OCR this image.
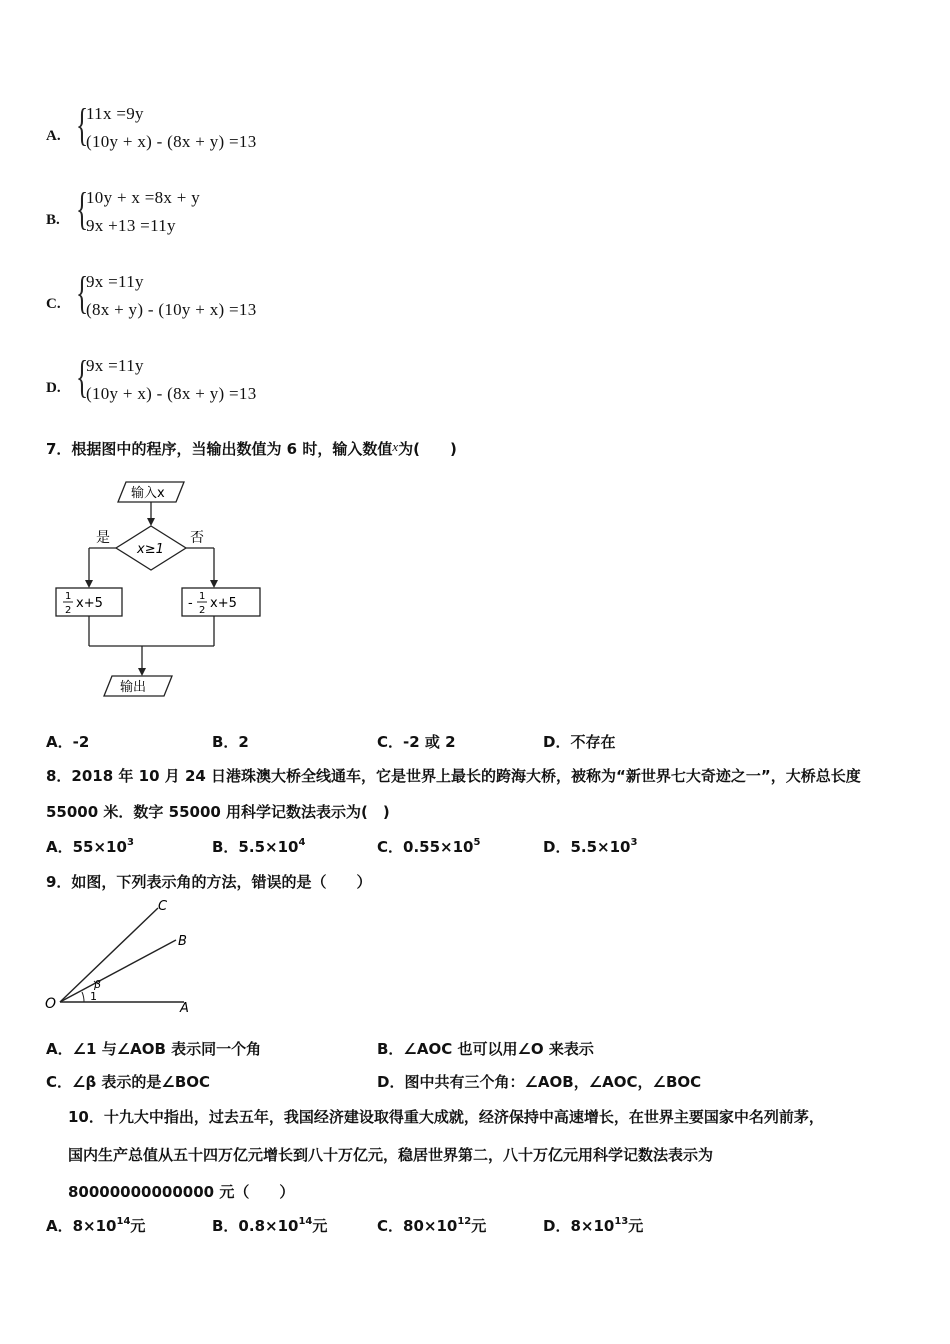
A. {
11x =9y
(10y + x) - (8x + y) =13
B. {
10y + x =8x + y
9x +13 =11y
C. {
9x =11y
(8x + y) - (10y + x) =13
D. {
9x =11y
(10y + x) - (8x + y) =13
7．根据图中的程序，当输出数值为 6 时，输入数值x为(　　)
输入x
x≥1
是	否
1
2 x+5	- 1
2 x+5
输出
A．-2	B．2	C．-2 或 2	D．不存在
8．2018 年 10 月 24 日港珠澳大桥全线通车，它是世界上最长的跨海大桥，被称为“新世界七大奇迹之一”，大桥总长度
55000 米．数字 55000 用科学记数法表示为(　)
A．$55\times 10^3$	B．$5.5\times 10^4$	C．$0.55\times 10^5$	D．$5.5\times 10^3$
9．如图，下列表示角的方法，错误的是（　　）
C
B
O	A
β
1
A．∠1 与∠AOB 表示同一个角	B．∠AOC 也可以用∠O 来表示
C．∠β 表示的是∠BOC	D．图中共有三个角：∠AOB，∠AOC，∠BOC
10．十九大中指出，过去五年，我国经济建设取得重大成就，经济保持中高速增长，在世界主要国家中名列前茅，
国内生产总值从五十四万亿元增长到八十万亿元，稳居世界第二，八十万亿元用科学记数法表示为
80000000000000 元（　　）
A．$8\times 10^{14}$元	B．$0.8\times 10^{14}$元	C．$80\times 10^{12}$元	D．$8\times 10^{13}$元
